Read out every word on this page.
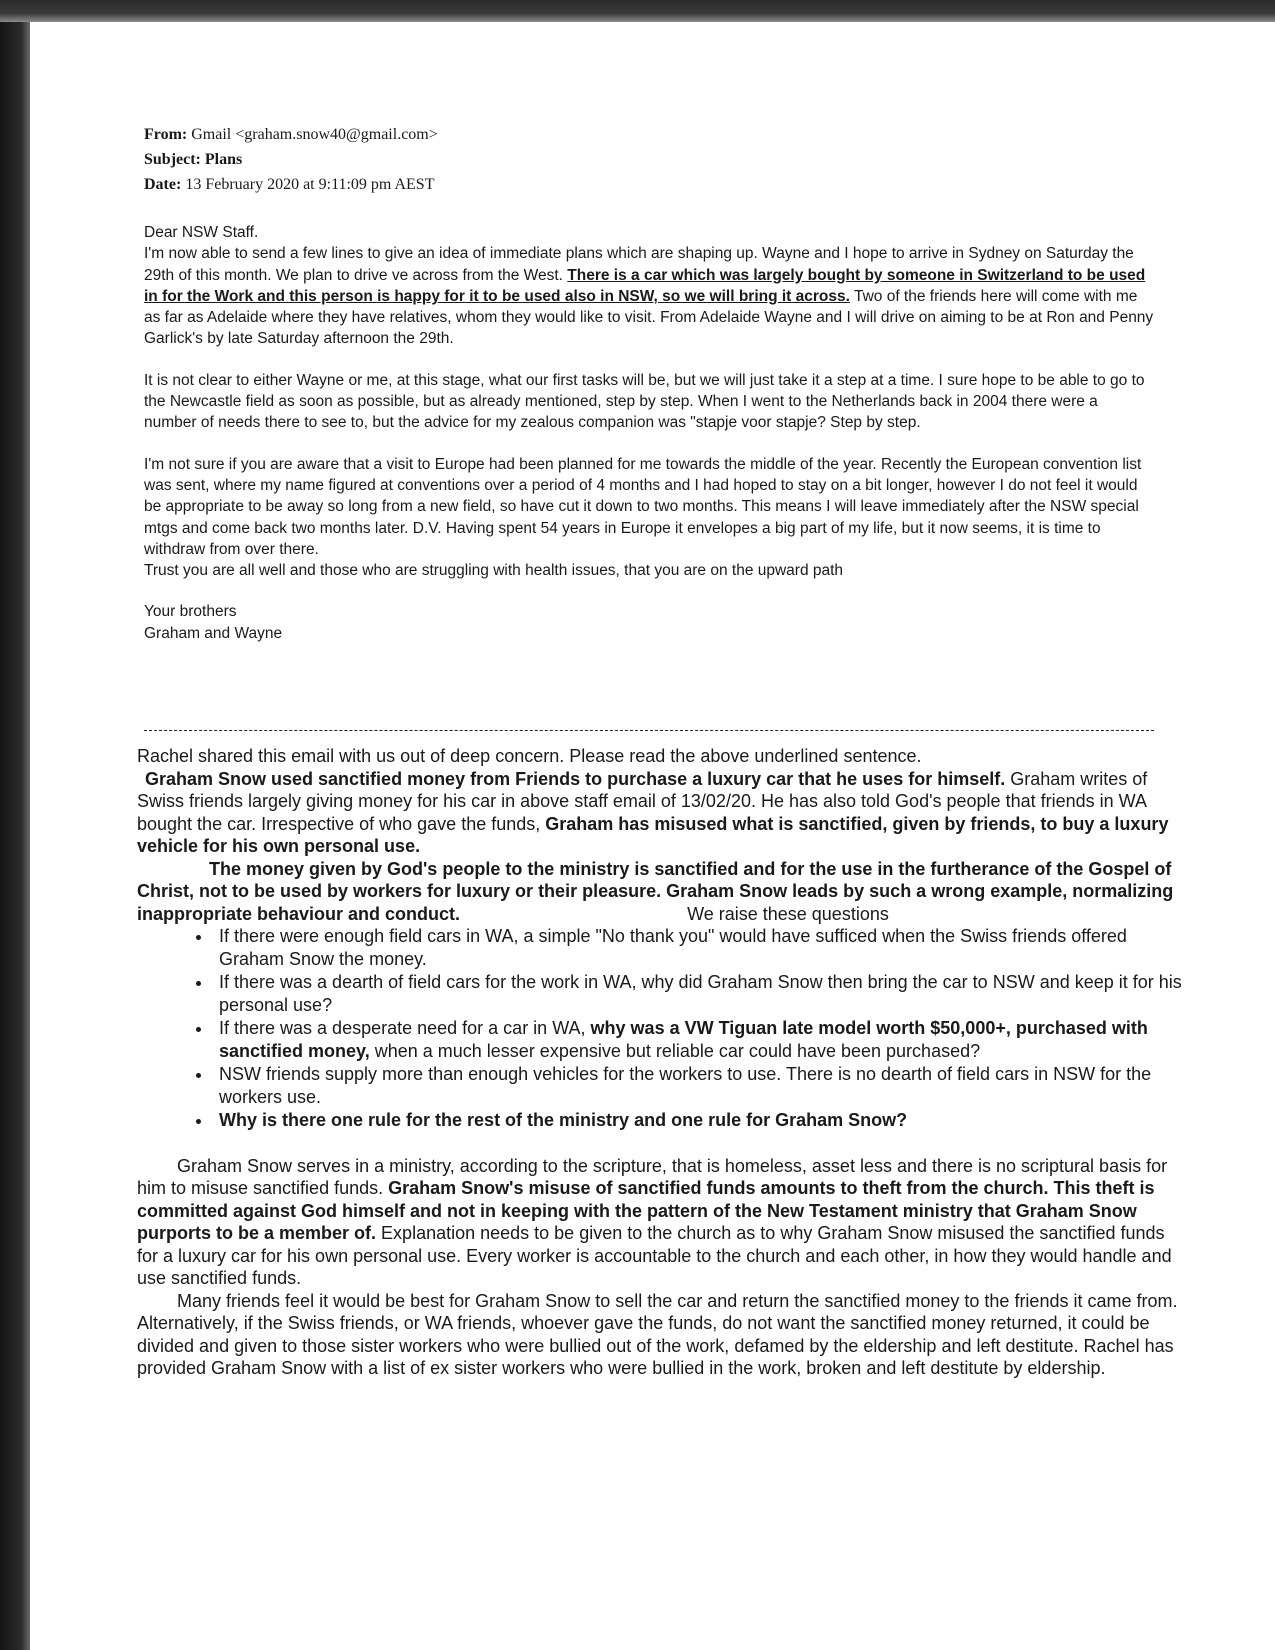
From: Gmail <graham.snow40@gmail.com>
Subject: Plans
Date: 13 February 2020 at 9:11:09 pm AEST
Dear NSW Staff.

I'm now able to send a few lines to give an idea of immediate plans which are shaping up. Wayne and I hope to arrive in Sydney on Saturday the 29th of this month. We plan to drive ve across from the West. There is a car which was largely bought by someone in Switzerland to be used in for the Work and this person is happy for it to be used also in NSW, so we will bring it across. Two of the friends here will come with me as far as Adelaide where they have relatives, whom they would like to visit. From Adelaide Wayne and I will drive on aiming to be at Ron and Penny Garlick's by late Saturday afternoon the 29th.

It is not clear to either Wayne or me, at this stage, what our first tasks will be, but we will just take it a step at a time. I sure hope to be able to go to the Newcastle field as soon as possible, but as already mentioned, step by step. When I went to the Netherlands back in 2004 there were a number of needs there to see to, but the advice for my zealous companion was "stapje voor stapje? Step by step.

I'm not sure if you are aware that a visit to Europe had been planned for me towards the middle of the year. Recently the European convention list was sent, where my name figured at conventions over a period of 4 months and I had hoped to stay on a bit longer, however I do not feel it would be appropriate to be away so long from a new field, so have cut it down to two months. This means I will leave immediately after the NSW special mtgs and come back two months later. D.V. Having spent 54 years in Europe it envelopes a big part of my life, but it now seems, it is time to withdraw from over there.

Trust you are all well and those who are struggling with health issues, that you are on the upward path

Your brothers
Graham and Wayne

Rachel shared this email with us out of deep concern. Please read the above underlined sentence.

Graham Snow used sanctified money from Friends to purchase a luxury car that he uses for himself. Graham writes of Swiss friends largely giving money for his car in above staff email of 13/02/20. He has also told God's people that friends in WA bought the car. Irrespective of who gave the funds, Graham has misused what is sanctified, given by friends, to buy a luxury vehicle for his own personal use.

The money given by God's people to the ministry is sanctified and for the use in the furtherance of the Gospel of Christ, not to be used by workers for luxury or their pleasure. Graham Snow leads by such a wrong example, normalizing inappropriate behaviour and conduct.	We raise these questions

• If there were enough field cars in WA, a simple "No thank you" would have sufficed when the Swiss friends offered Graham Snow the money.
• If there was a dearth of field cars for the work in WA, why did Graham Snow then bring the car to NSW and keep it for his personal use?
• If there was a desperate need for a car in WA, why was a VW Tiguan late model worth $50,000+, purchased with sanctified money, when a much lesser expensive but reliable car could have been purchased?
• NSW friends supply more than enough vehicles for the workers to use. There is no dearth of field cars in NSW for the workers use.
• Why is there one rule for the rest of the ministry and one rule for Graham Snow?

Graham Snow serves in a ministry, according to the scripture, that is homeless, asset less and there is no scriptural basis for him to misuse sanctified funds. Graham Snow's misuse of sanctified funds amounts to theft from the church. This theft is committed against God himself and not in keeping with the pattern of the New Testament ministry that Graham Snow purports to be a member of. Explanation needs to be given to the church as to why Graham Snow misused the sanctified funds for a luxury car for his own personal use. Every worker is accountable to the church and each other, in how they would handle and use sanctified funds.

Many friends feel it would be best for Graham Snow to sell the car and return the sanctified money to the friends it came from. Alternatively, if the Swiss friends, or WA friends, whoever gave the funds, do not want the sanctified money returned, it could be divided and given to those sister workers who were bullied out of the work, defamed by the eldership and left destitute. Rachel has provided Graham Snow with a list of ex sister workers who were bullied in the work, broken and left destitute by eldership.
